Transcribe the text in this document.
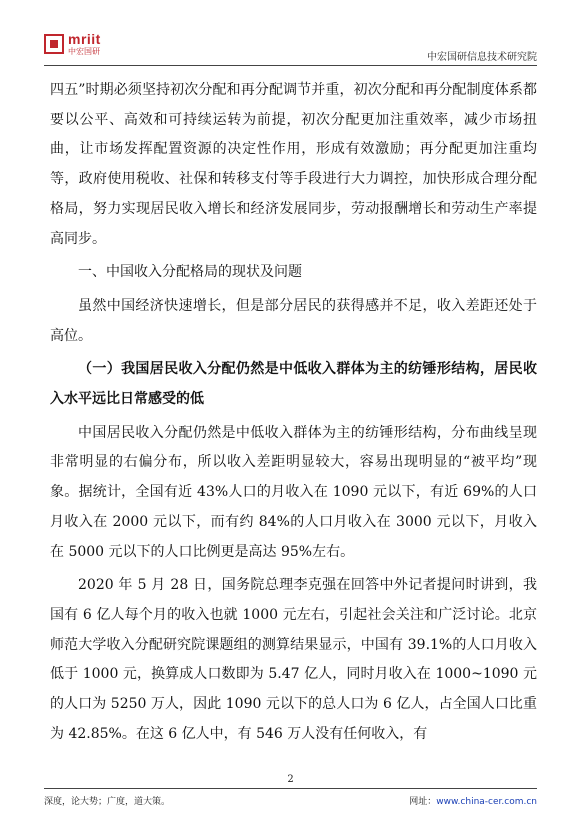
mriit
中宏国研
中宏国研信息技术研究院

四五”时期必须坚持初次分配和再分配调节并重，初次分配和再分配制度体系都要以公平、高效和可持续运转为前提，初次分配更加注重效率，减少市场扭曲，让市场发挥配置资源的决定性作用，形成有效激励；再分配更加注重均等，政府使用税收、社保和转移支付等手段进行大力调控，加快形成合理分配格局，努力实现居民收入增长和经济发展同步，劳动报酬增长和劳动生产率提高同步。

一、中国收入分配格局的现状及问题

虽然中国经济快速增长，但是部分居民的获得感并不足，收入差距还处于高位。

（一）我国居民收入分配仍然是中低收入群体为主的纺锤形结构，居民收入水平远比日常感受的低

中国居民收入分配仍然是中低收入群体为主的纺锤形结构，分布曲线呈现非常明显的右偏分布，所以收入差距明显较大，容易出现明显的“被平均”现象。据统计，全国有近 43%人口的月收入在 1090 元以下，有近 69%的人口月收入在 2000 元以下，而有约 84%的人口月收入在 3000 元以下，月收入在 5000 元以下的人口比例更是高达 95%左右。

2020 年 5 月 28 日，国务院总理李克强在回答中外记者提问时讲到，我国有 6 亿人每个月的收入也就 1000 元左右，引起社会关注和广泛讨论。北京师范大学收入分配研究院课题组的测算结果显示，中国有 39.1%的人口月收入低于 1000 元，换算成人口数即为 5.47 亿人，同时月收入在 1000~1090 元的人口为 5250 万人，因此 1090 元以下的总人口为 6 亿人，占全国人口比重为 42.85%。在这 6 亿人中，有 546 万人没有任何收入，有

2
深度，论大势；广度，道大策。	网址：www.china-cer.com.cn
